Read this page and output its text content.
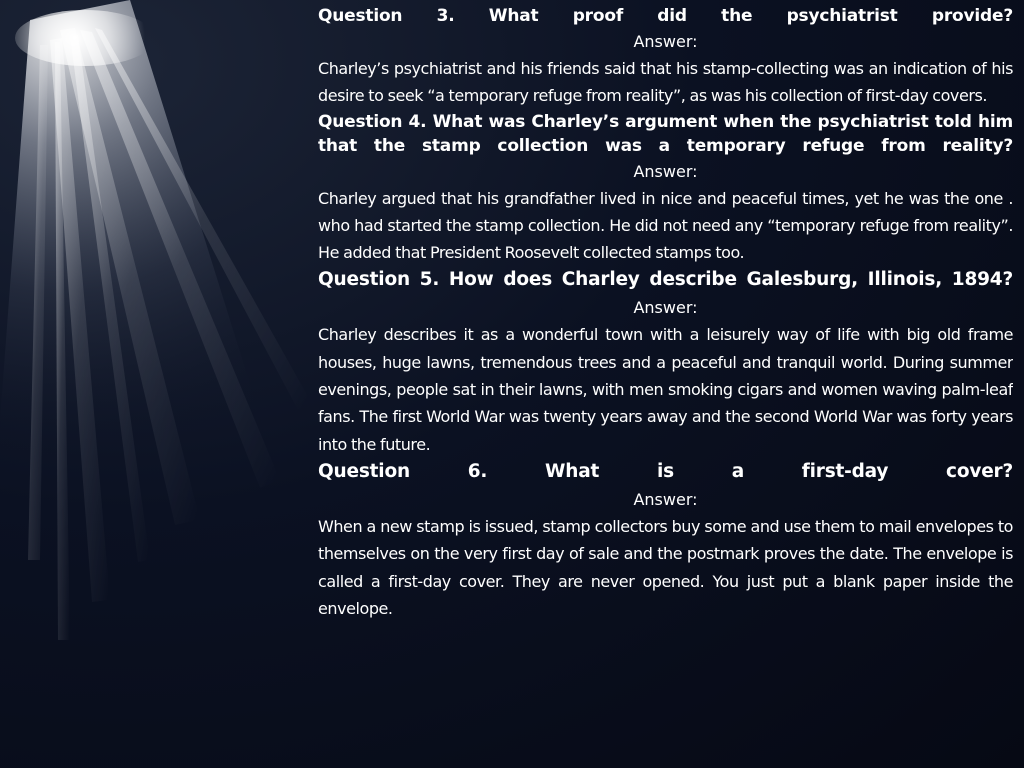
Question 3. What proof did the psychiatrist provide?

Answer:

Charley’s psychiatrist and his friends said that his stamp-collecting was an indication of his desire to seek “a temporary refuge from reality”, as was his collection of first-day covers.

Question 4. What was Charley’s argument when the psychiatrist told him that the stamp collection was a temporary refuge from reality?

Answer:

Charley argued that his grandfather lived in nice and peaceful times, yet he was the one . who had started the stamp collection. He did not need any “temporary refuge from reality”. He added that President Roosevelt collected stamps too.

Question 5. How does Charley describe Galesburg, Illinois, 1894?

Answer:

Charley describes it as a wonderful town with a leisurely way of life with big old frame houses, huge lawns, tremendous trees and a peaceful and tranquil world. During summer evenings, people sat in their lawns, with men smoking cigars and women waving palm-leaf fans. The first World War was twenty years away and the second World War was forty years into the future.

Question 6. What is a first-day cover?

Answer:

When a new stamp is issued, stamp collectors buy some and use them to mail envelopes to themselves on the very first day of sale and the postmark proves the date. The envelope is called a first-day cover. They are never opened. You just put a blank paper inside the envelope.
